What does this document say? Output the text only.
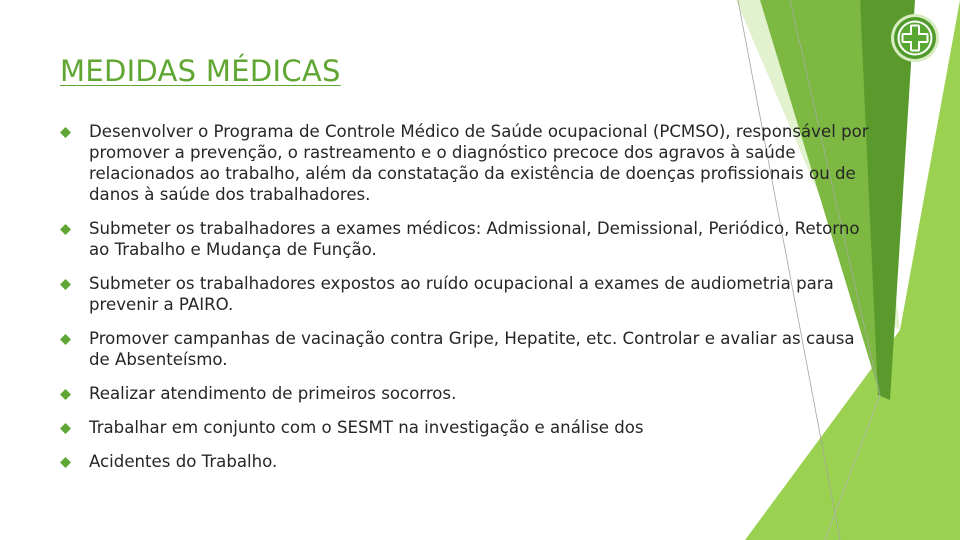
MEDIDAS MÉDICAS
Desenvolver o Programa de Controle Médico de Saúde ocupacional (PCMSO), responsável por promover a prevenção, o rastreamento e o diagnóstico precoce dos agravos à saúde relacionados ao trabalho, além da constatação da existência de doenças profissionais ou de danos à saúde dos trabalhadores.
Submeter os trabalhadores a exames médicos: Admissional, Demissional, Periódico, Retorno ao Trabalho e Mudança de Função.
Submeter os trabalhadores expostos ao ruído ocupacional a exames de audiometria para prevenir a PAIRO.
Promover campanhas de vacinação contra Gripe, Hepatite, etc. Controlar e avaliar as causa de Absenteísmo.
Realizar atendimento de primeiros socorros.
Trabalhar em conjunto com o SESMT na investigação e análise dos
Acidentes do Trabalho.
